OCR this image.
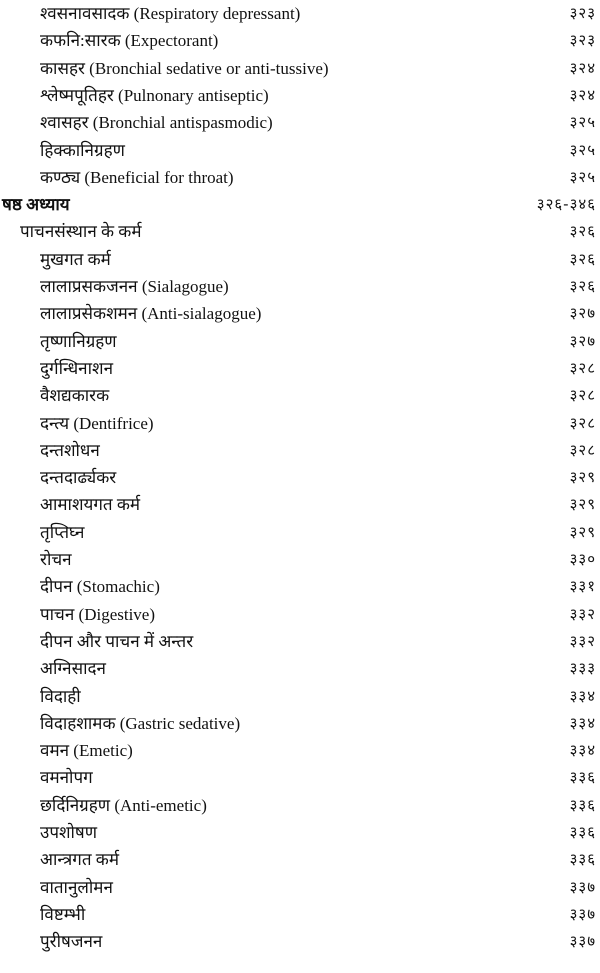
श्वसनावसादक (Respiratory depressant)	३२३
कफनि:सारक (Expectorant)	३२३
कासहर (Bronchial sedative or anti-tussive)	३२४
श्लेष्मपूतिहर (Pulnonary antiseptic)	३२४
श्वासहर (Bronchial antispasmodic)	३२५
हिक्कानिग्रहण	३२५
कण्ठ्य (Beneficial for throat)	३२५
षष्ठ अध्याय	३२६-३४६
पाचनसंस्थान के कर्म	३२६
मुखगत कर्म	३२६
लालाप्रसकजनन (Sialagogue)	३२६
लालाप्रसेकशमन (Anti-sialagogue)	३२७
तृष्णानिग्रहण	३२७
दुर्गन्धिनाशन	३२८
वैशद्यकारक	३२८
दन्त्य (Dentifrice)	३२८
दन्तशोधन	३२८
दन्तदार्ढ्यकर	३२९
आमाशयगत कर्म	३२९
तृप्तिघ्न	३२९
रोचन	३३०
दीपन (Stomachic)	३३१
पाचन (Digestive)	३३२
दीपन और पाचन में अन्तर	३३२
अग्निसादन	३३३
विदाही	३३४
विदाहशामक (Gastric sedative)	३३४
वमन (Emetic)	३३४
वमनोपग	३३६
छर्दिनिग्रहण (Anti-emetic)	३३६
उपशोषण	३३६
आन्त्रगत कर्म	३३६
वातानुलोमन	३३७
विष्टम्भी	३३७
पुरीषजनन	३३७
